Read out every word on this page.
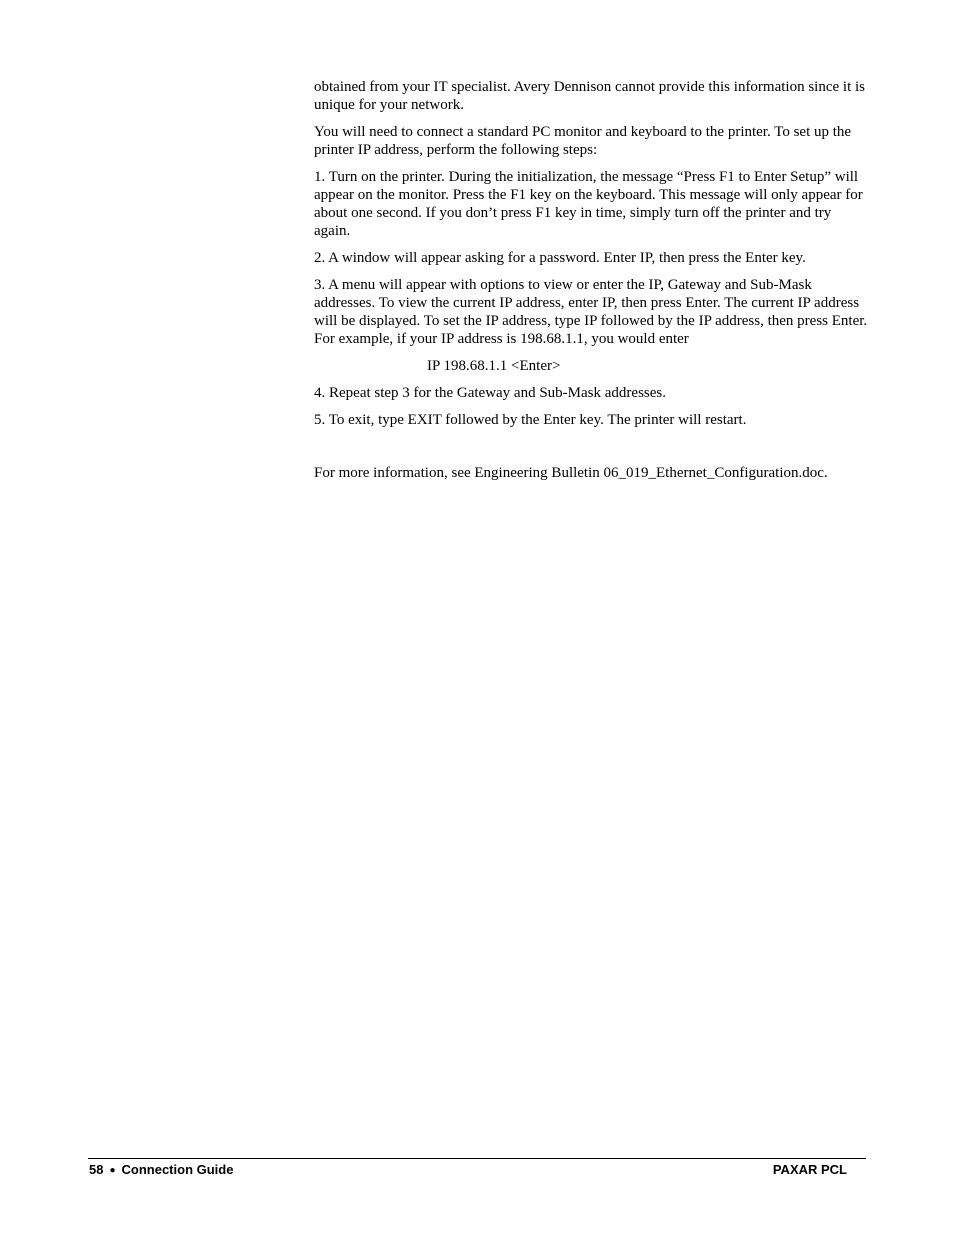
obtained from your IT specialist. Avery Dennison cannot provide this information since it is unique for your network.

You will need to connect a standard PC monitor and keyboard to the printer. To set up the printer IP address, perform the following steps:

1. Turn on the printer. During the initialization, the message “Press F1 to Enter Setup” will appear on the monitor. Press the F1 key on the keyboard. This message will only appear for about one second. If you don’t press F1 key in time, simply turn off the printer and try again.

2. A window will appear asking for a password. Enter IP, then press the Enter key.

3. A menu will appear with options to view or enter the IP, Gateway and Sub-Mask addresses. To view the current IP address, enter IP, then press Enter. The current IP address will be displayed. To set the IP address, type IP followed by the IP address, then press Enter. For example, if your IP address is 198.68.1.1, you would enter

IP 198.68.1.1 <Enter>

4. Repeat step 3 for the Gateway and Sub-Mask addresses.

5. To exit, type EXIT followed by the Enter key. The printer will restart.

For more information, see Engineering Bulletin 06_019_Ethernet_Configuration.doc.

58 ● Connection Guide	PAXAR PCL
